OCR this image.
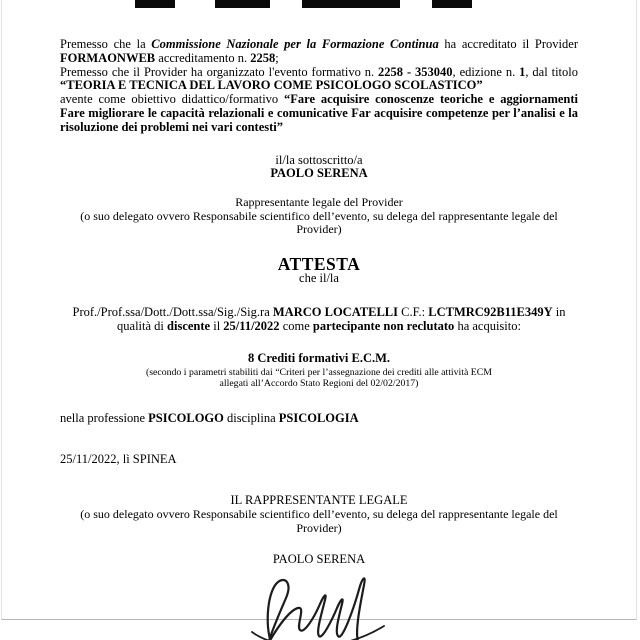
Premesso che la Commissione Nazionale per la Formazione Continua ha accreditato il Provider FORMAONWEB accreditamento n. 2258;
Premesso che il Provider ha organizzato l'evento formativo n. 2258 - 353040, edizione n. 1, dal titolo “TEORIA E TECNICA DEL LAVORO COME PSICOLOGO SCOLASTICO”
avente come obiettivo didattico/formativo “Fare acquisire conoscenze teoriche e aggiornamenti Fare migliorare le capacità relazionali e comunicative Far acquisire competenze per l’analisi e la risoluzione dei problemi nei vari contesti”
il/la sottoscritto/a
PAOLO SERENA
Rappresentante legale del Provider
(o suo delegato ovvero Responsabile scientifico dell’evento, su delega del rappresentante legale del Provider)
ATTESTA
che il/la
Prof./Prof.ssa/Dott./Dott.ssa/Sig./Sig.ra MARCO LOCATELLI C.F.: LCTMRC92B11E349Y in qualità di discente il 25/11/2022 come partecipante non reclutato ha acquisito:
8 Crediti formativi E.C.M.
(secondo i parametri stabiliti dai “Criteri per l’assegnazione dei crediti alle attività ECM
allegati all’Accordo Stato Regioni del 02/02/2017)
nella professione PSICOLOGO disciplina PSICOLOGIA
25/11/2022, lì SPINEA
IL RAPPRESENTANTE LEGALE
(o suo delegato ovvero Responsabile scientifico dell’evento, su delega del rappresentante legale del Provider)
PAOLO SERENA
